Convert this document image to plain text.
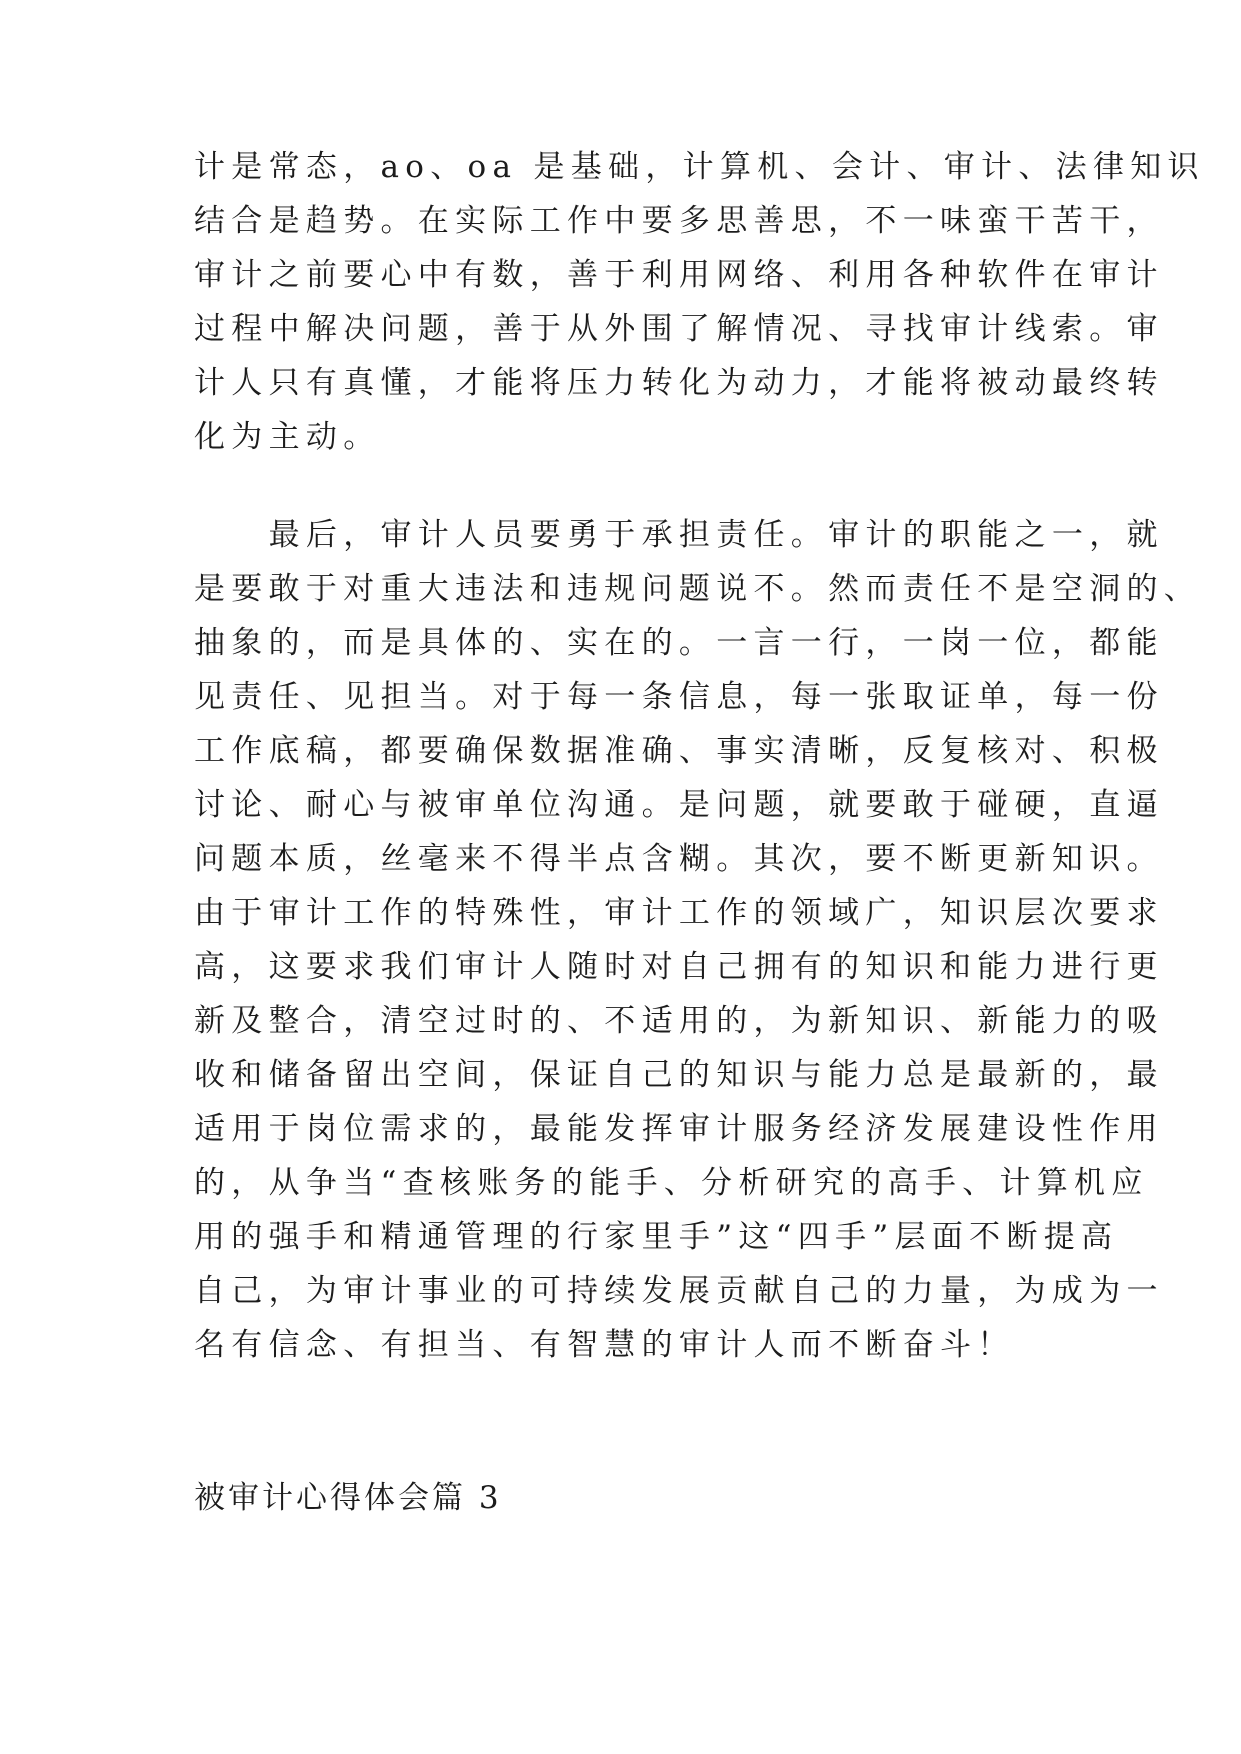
计是常态，ao、oa 是基础，计算机、会计、审计、法律知识
结合是趋势。在实际工作中要多思善思，不一味蛮干苦干，
审计之前要心中有数，善于利用网络、利用各种软件在审计
过程中解决问题，善于从外围了解情况、寻找审计线索。审
计人只有真懂，才能将压力转化为动力，才能将被动最终转
化为主动。
　　最后，审计人员要勇于承担责任。审计的职能之一，就
是要敢于对重大违法和违规问题说不。然而责任不是空洞的、
抽象的，而是具体的、实在的。一言一行，一岗一位，都能
见责任、见担当。对于每一条信息，每一张取证单，每一份
工作底稿，都要确保数据准确、事实清晰，反复核对、积极
讨论、耐心与被审单位沟通。是问题，就要敢于碰硬，直逼
问题本质，丝毫来不得半点含糊。其次，要不断更新知识。
由于审计工作的特殊性，审计工作的领域广，知识层次要求
高，这要求我们审计人随时对自己拥有的知识和能力进行更
新及整合，清空过时的、不适用的，为新知识、新能力的吸
收和储备留出空间，保证自己的知识与能力总是最新的，最
适用于岗位需求的，最能发挥审计服务经济发展建设性作用
的，从争当“查核账务的能手、分析研究的高手、计算机应
用的强手和精通管理的行家里手”这“四手”层面不断提高
自己，为审计事业的可持续发展贡献自己的力量，为成为一
名有信念、有担当、有智慧的审计人而不断奋斗！
被审计心得体会篇 3
